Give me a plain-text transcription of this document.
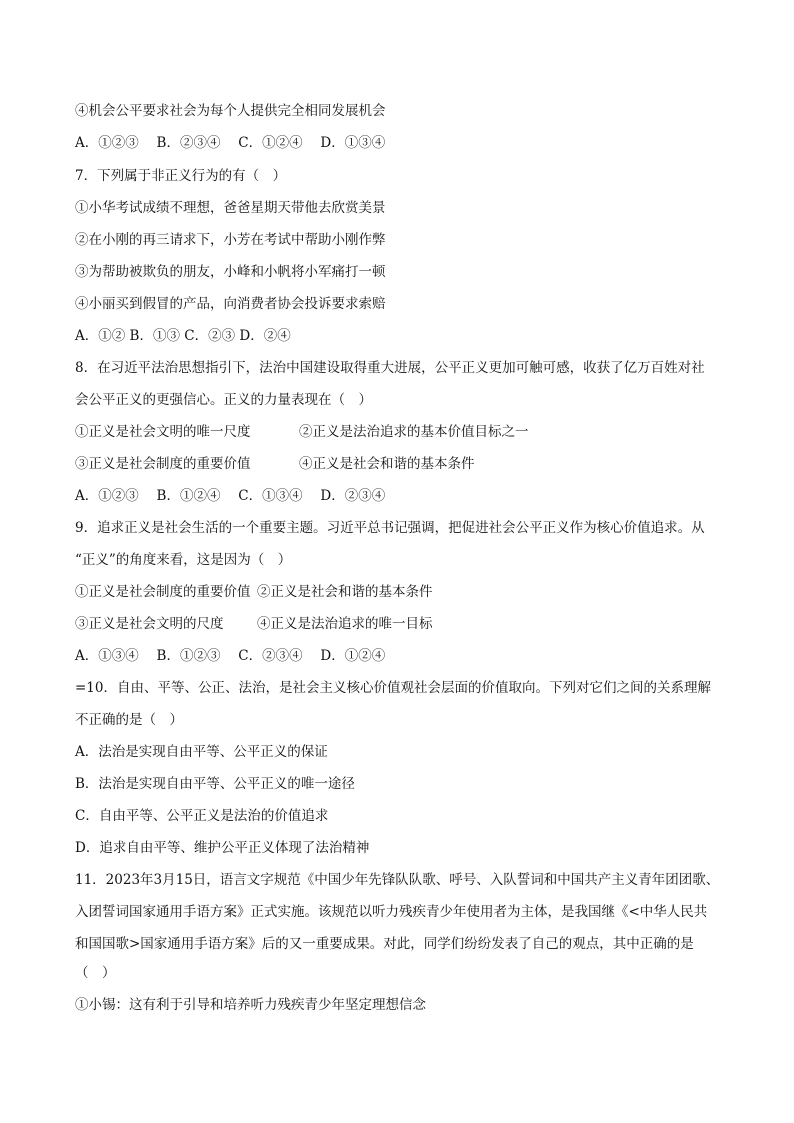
④机会公平要求社会为每个人提供完全相同发展机会
A．①②③　 B．②③④　 C．①②④　 D．①③④
7．下列属于非正义行为的有（　）
①小华考试成绩不理想，爸爸星期天带他去欣赏美景
②在小刚的再三请求下，小芳在考试中帮助小刚作弊
③为帮助被欺负的朋友，小峰和小帆将小军痛打一顿
④小丽买到假冒的产品，向消费者协会投诉要求索赔
A．①② B．①③ C．②③ D．②④
8．在习近平法治思想指引下，法治中国建设取得重大进展，公平正义更加可触可感，收获了亿万百姓对社
会公平正义的更强信心。正义的力量表现在（　）
①正义是社会文明的唯一尺度	②正义是法治追求的基本价值目标之一
③正义是社会制度的重要价值	④正义是社会和谐的基本条件
A．①②③　 B．①②④　 C．①③④　 D．②③④
9．追求正义是社会生活的一个重要主题。习近平总书记强调，把促进社会公平正义作为核心价值追求。从
“正义”的角度来看，这是因为（　）
①正义是社会制度的重要价值 ②正义是社会和谐的基本条件
③正义是社会文明的尺度 ④正义是法治追求的唯一目标
A．①③④　 B．①②③　 C．②③④　 D．①②④
=10．自由、平等、公正、法治，是社会主义核心价值观社会层面的价值取向。下列对它们之间的关系理解
不正确的是（　）
A．法治是实现自由平等、公平正义的保证
B．法治是实现自由平等、公平正义的唯一途径
C．自由平等、公平正义是法治的价值追求
D．追求自由平等、维护公平正义体现了法治精神
11．2023年3月15日，语言文字规范《中国少年先锋队队歌、呼号、入队誓词和中国共产主义青年团团歌、
入团誓词国家通用手语方案》正式实施。该规范以听力残疾青少年使用者为主体，是我国继《<中华人民共
和国国歌>国家通用手语方案》后的又一重要成果。对此，同学们纷纷发表了自己的观点，其中正确的是
（　）
①小锡：这有利于引导和培养听力残疾青少年坚定理想信念
